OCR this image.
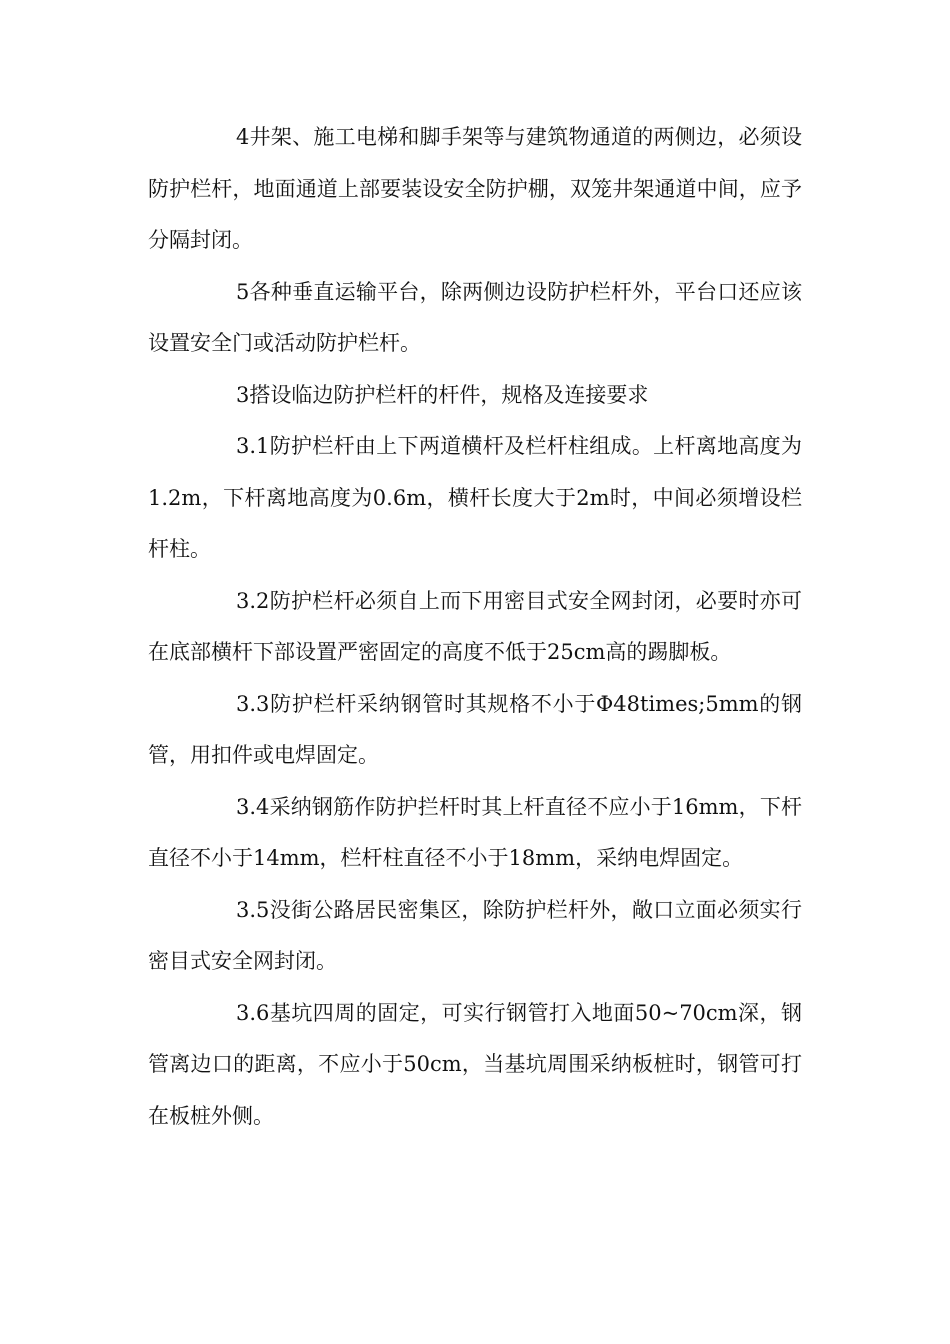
4井架、施工电梯和脚手架等与建筑物通道的两侧边，必须设防护栏杆，地面通道上部要装设安全防护棚，双笼井架通道中间，应予分隔封闭。

5各种垂直运输平台，除两侧边设防护栏杆外，平台口还应该设置安全门或活动防护栏杆。

3搭设临边防护栏杆的杆件，规格及连接要求

3.1防护栏杆由上下两道横杆及栏杆柱组成。上杆离地高度为1.2m，下杆离地高度为0.6m，横杆长度大于2m时，中间必须增设栏杆柱。

3.2防护栏杆必须自上而下用密目式安全网封闭，必要时亦可在底部横杆下部设置严密固定的高度不低于25cm高的踢脚板。

3.3防护栏杆采纳钢管时其规格不小于Φ48times;5mm的钢管，用扣件或电焊固定。

3.4采纳钢筋作防护拦杆时其上杆直径不应小于16mm，下杆直径不小于14mm，栏杆柱直径不小于18mm，采纳电焊固定。

3.5没街公路居民密集区，除防护栏杆外，敞口立面必须实行密目式安全网封闭。

3.6基坑四周的固定，可实行钢管打入地面50~70cm深，钢管离边口的距离，不应小于50cm，当基坑周围采纳板桩时，钢管可打在板桩外侧。
